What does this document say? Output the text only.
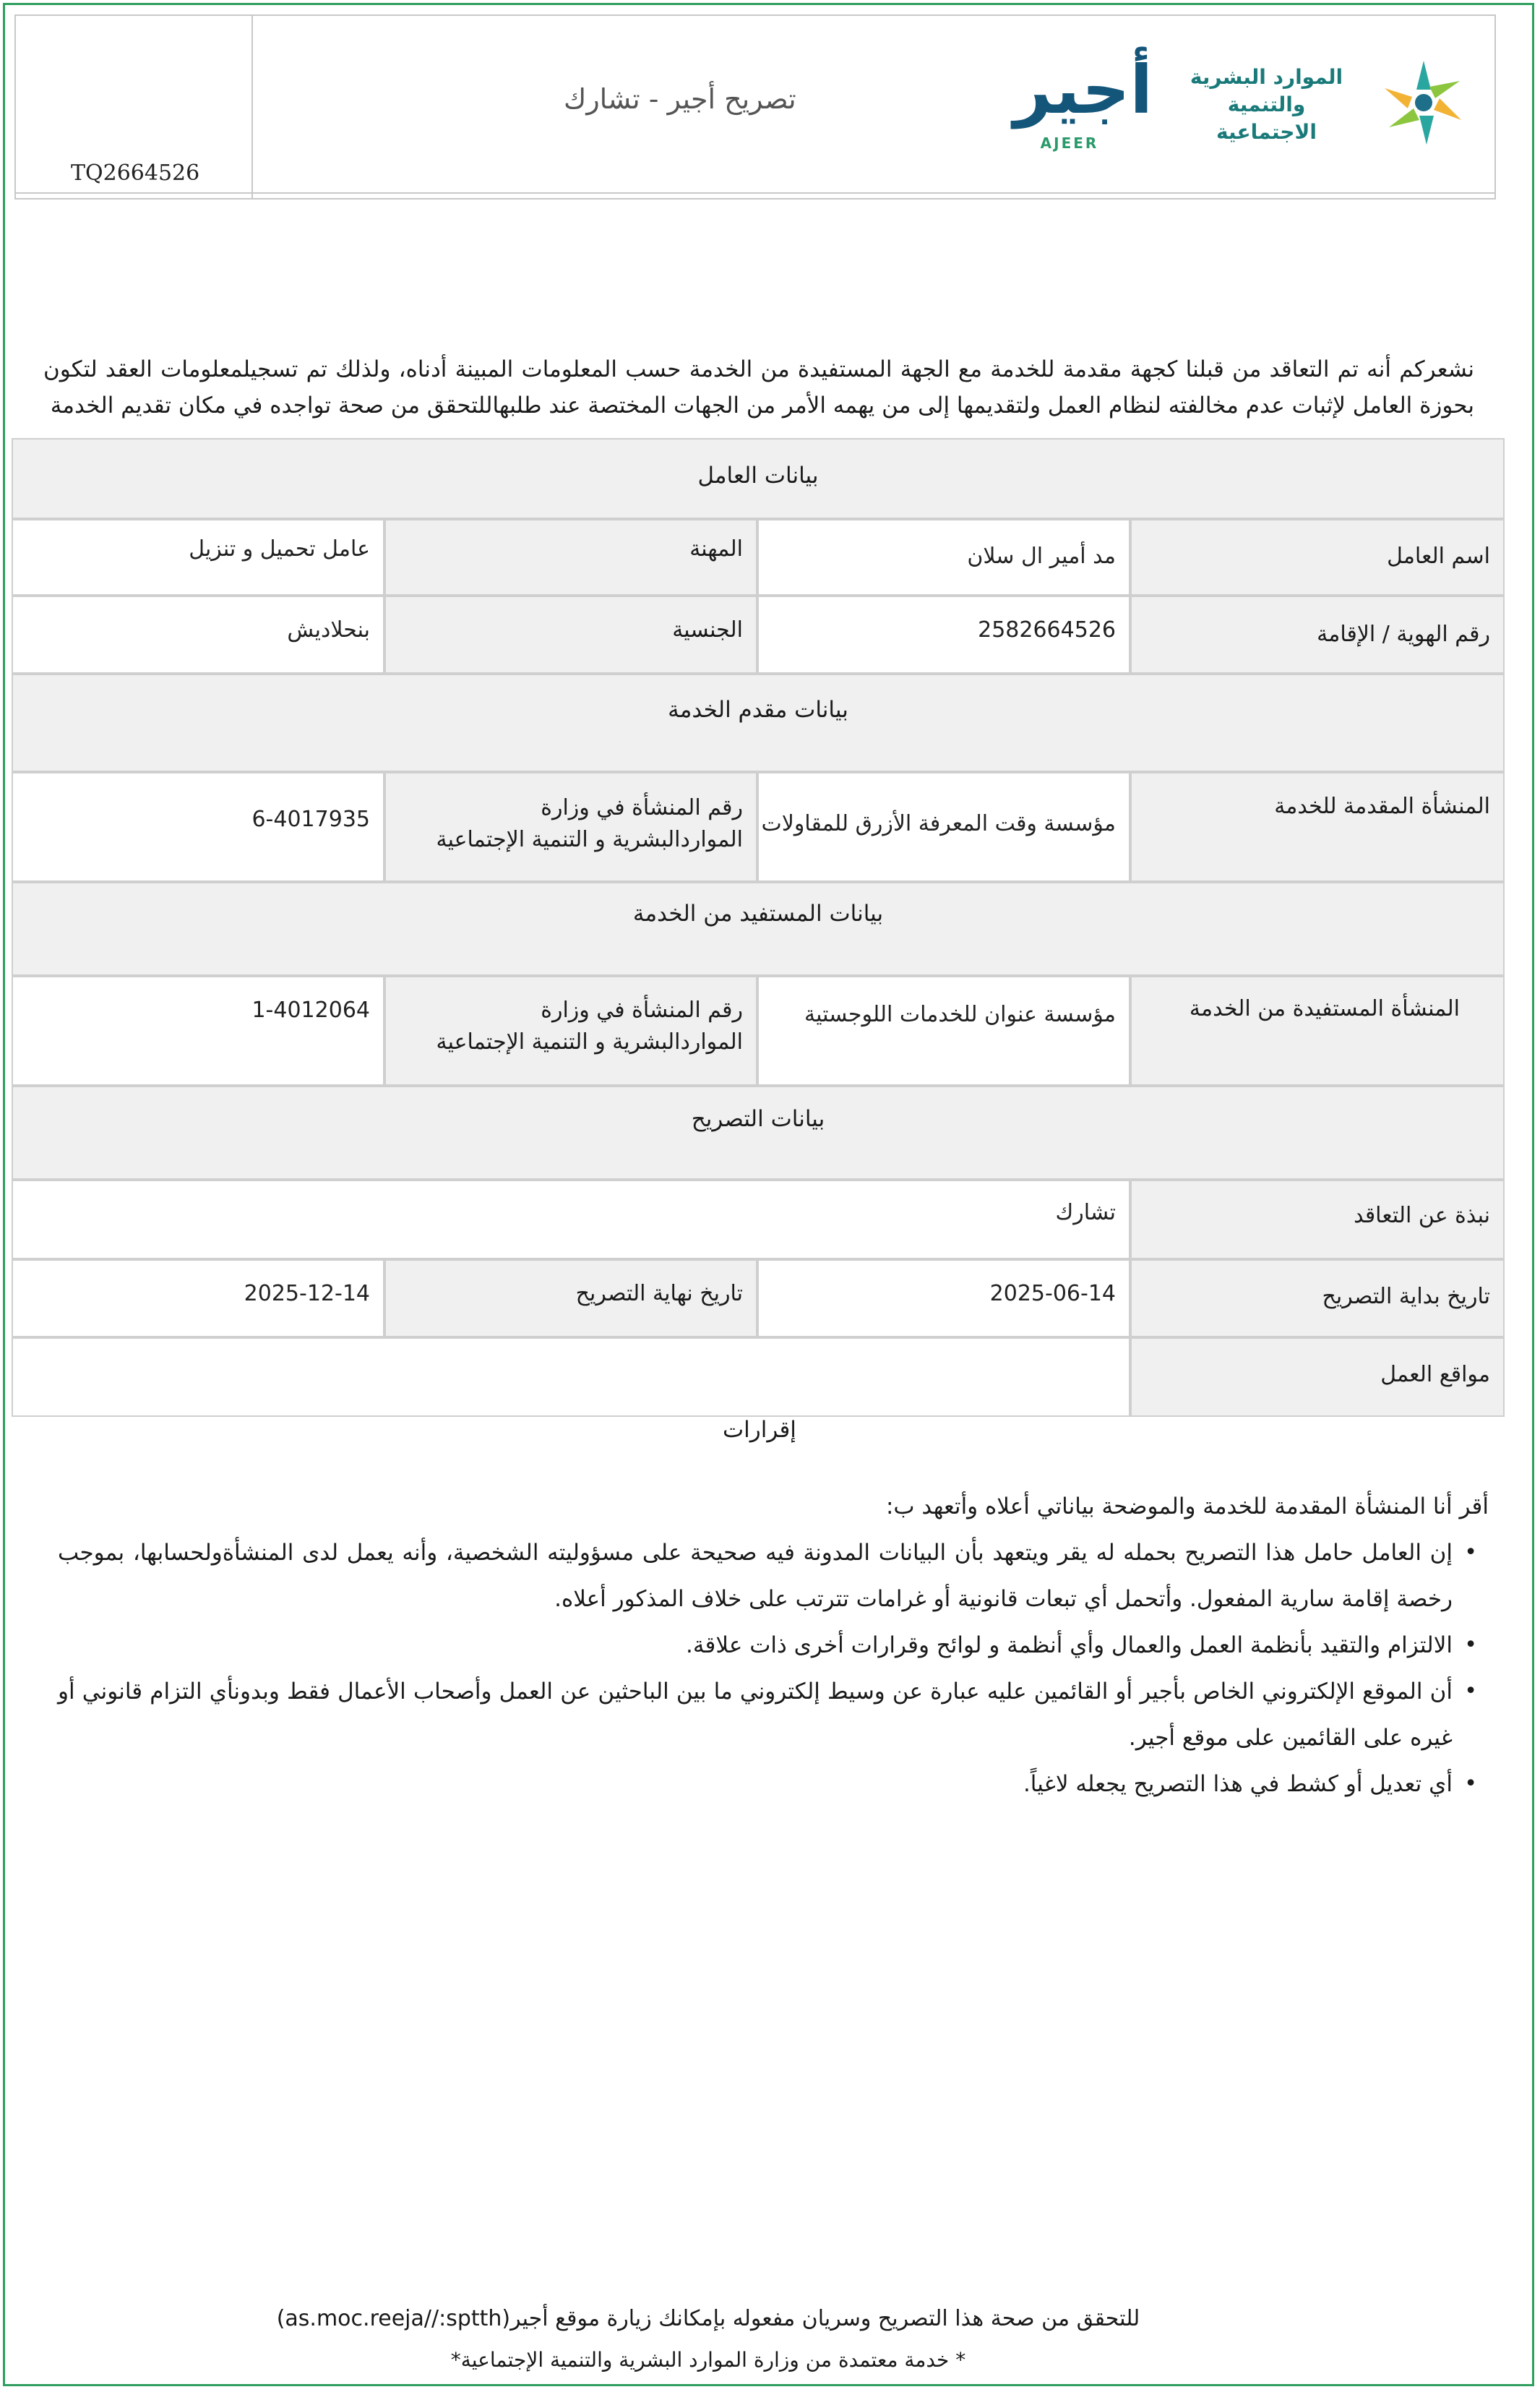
تصريح أجير - تشارك
TQ2664526
أجير
AJEER
الموارد البشرية
والتنمية الاجتماعية
نشعركم أنه تم التعاقد من قبلنا كجهة مقدمة للخدمة مع الجهة المستفيدة من الخدمة حسب المعلومات المبينة أدناه، ولذلك تم تسجيلمعلومات العقد لتكون بحوزة العامل لإثبات عدم مخالفته لنظام العمل ولتقديمها إلى من يهمه الأمر من الجهات المختصة عند طلبهاللتحقق من صحة تواجده في مكان تقديم الخدمة
بيانات العامل
اسم العامل
مد أمير ال سلان
المهنة
عامل تحميل و تنزيل
رقم الهوية / الإقامة
2582664526
الجنسية
بنحلاديش
بيانات مقدم الخدمة
المنشأة المقدمة للخدمة
مؤسسة وقت المعرفة الأزرق للمقاولات
رقم المنشأة في وزارة المواردالبشرية و التنمية الإجتماعية
6-4017935
بيانات المستفيد من الخدمة
المنشأة المستفيدة من الخدمة
مؤسسة عنوان للخدمات اللوجستية
رقم المنشأة في وزارة المواردالبشرية و التنمية الإجتماعية
1-4012064
بيانات التصريح
نبذة عن التعاقد
تشارك
تاريخ بداية التصريح
2025-06-14
تاريخ نهاية التصريح
2025-12-14
مواقع العمل
إقرارات
أقر أنا المنشأة المقدمة للخدمة والموضحة بياناتي أعلاه وأتعهد ب:
• إن العامل حامل هذا التصريح بحمله له يقر ويتعهد بأن البيانات المدونة فيه صحيحة على مسؤوليته الشخصية، وأنه يعمل لدى المنشأةولحسابها، بموجب رخصة إقامة سارية المفعول. وأتحمل أي تبعات قانونية أو غرامات تترتب على خلاف المذكور أعلاه.
• الالتزام والتقيد بأنظمة العمل والعمال وأي أنظمة و لوائح وقرارات أخرى ذات علاقة.
• أن الموقع الإلكتروني الخاص بأجير أو القائمين عليه عبارة عن وسيط إلكتروني ما بين الباحثين عن العمل وأصحاب الأعمال فقط وبدونأي التزام قانوني أو غيره على القائمين على موقع أجير.
• أي تعديل أو كشط في هذا التصريح يجعله لاغياً.
للتحقق من صحة هذا التصريح وسريان مفعوله بإمكانك زيارة موقع أجير(as.moc.reeja//:sptth)
* خدمة معتمدة من وزارة الموارد البشرية والتنمية الإجتماعية*
